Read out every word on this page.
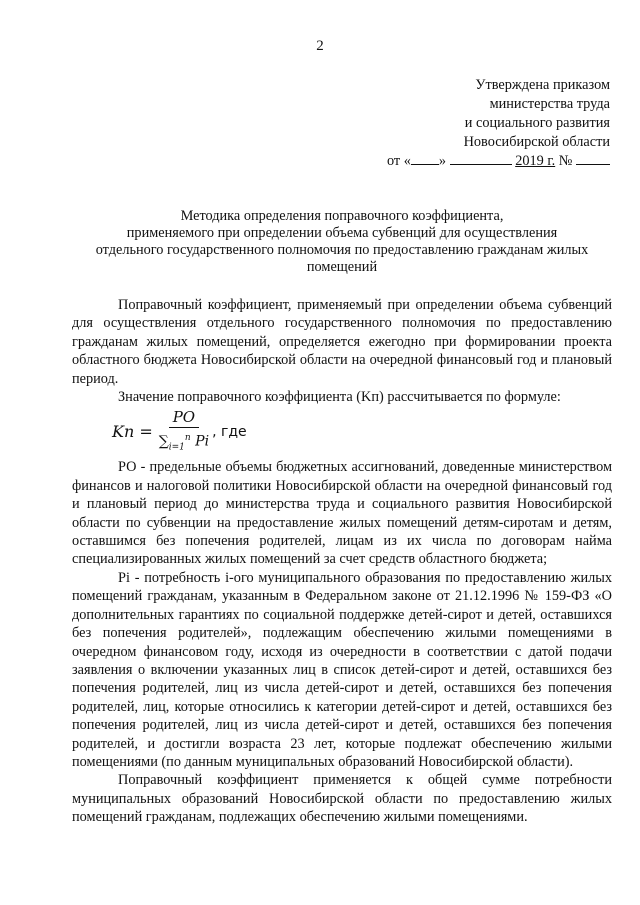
2
Утверждена приказом
министерства труда
и социального развития
Новосибирской области
от « »	2019 г. №
Методика определения поправочного коэффициента,
применяемого при определении объема субвенций для осуществления
отдельного государственного полномочия по предоставлению гражданам жилых
помещений

Поправочный коэффициент, применяемый при определении объема субвенций для осуществления отдельного государственного полномочия по предоставлению гражданам жилых помещений, определяется ежегодно при формировании проекта областного бюджета Новосибирской области на очередной финансовый год и плановый период.

Значение поправочного коэффициента (Kп) рассчитывается по формуле:

Kп = $\frac{PO}{\sum_{i=1}^n Pi}$ , где

РО - предельные объемы бюджетных ассигнований, доведенные министерством финансов и налоговой политики Новосибирской области на очередной финансовый год и плановый период до министерства труда и социального развития Новосибирской области по субвенции на предоставление жилых помещений детям-сиротам и детям, оставшимся без попечения родителей, лицам из их числа по договорам найма специализированных жилых помещений за счет средств областного бюджета;

Pi - потребность i-ого муниципального образования по предоставлению жилых помещений гражданам, указанным в Федеральном законе от 21.12.1996 № 159-ФЗ «О дополнительных гарантиях по социальной поддержке детей-сирот и детей, оставшихся без попечения родителей», подлежащим обеспечению жилыми помещениями в очередном финансовом году, исходя из очередности в соответствии с датой подачи заявления о включении указанных лиц в список детей-сирот и детей, оставшихся без попечения родителей, лиц из числа детей-сирот и детей, оставшихся без попечения родителей, лиц, которые относились к категории детей-сирот и детей, оставшихся без попечения родителей, лиц из числа детей-сирот и детей, оставшихся без попечения родителей, и достигли возраста 23 лет, которые подлежат обеспечению жилыми помещениями (по данным муниципальных образований Новосибирской области).

Поправочный коэффициент применяется к общей сумме потребности муниципальных образований Новосибирской области по предоставлению жилых помещений гражданам, подлежащих обеспечению жилыми помещениями.
